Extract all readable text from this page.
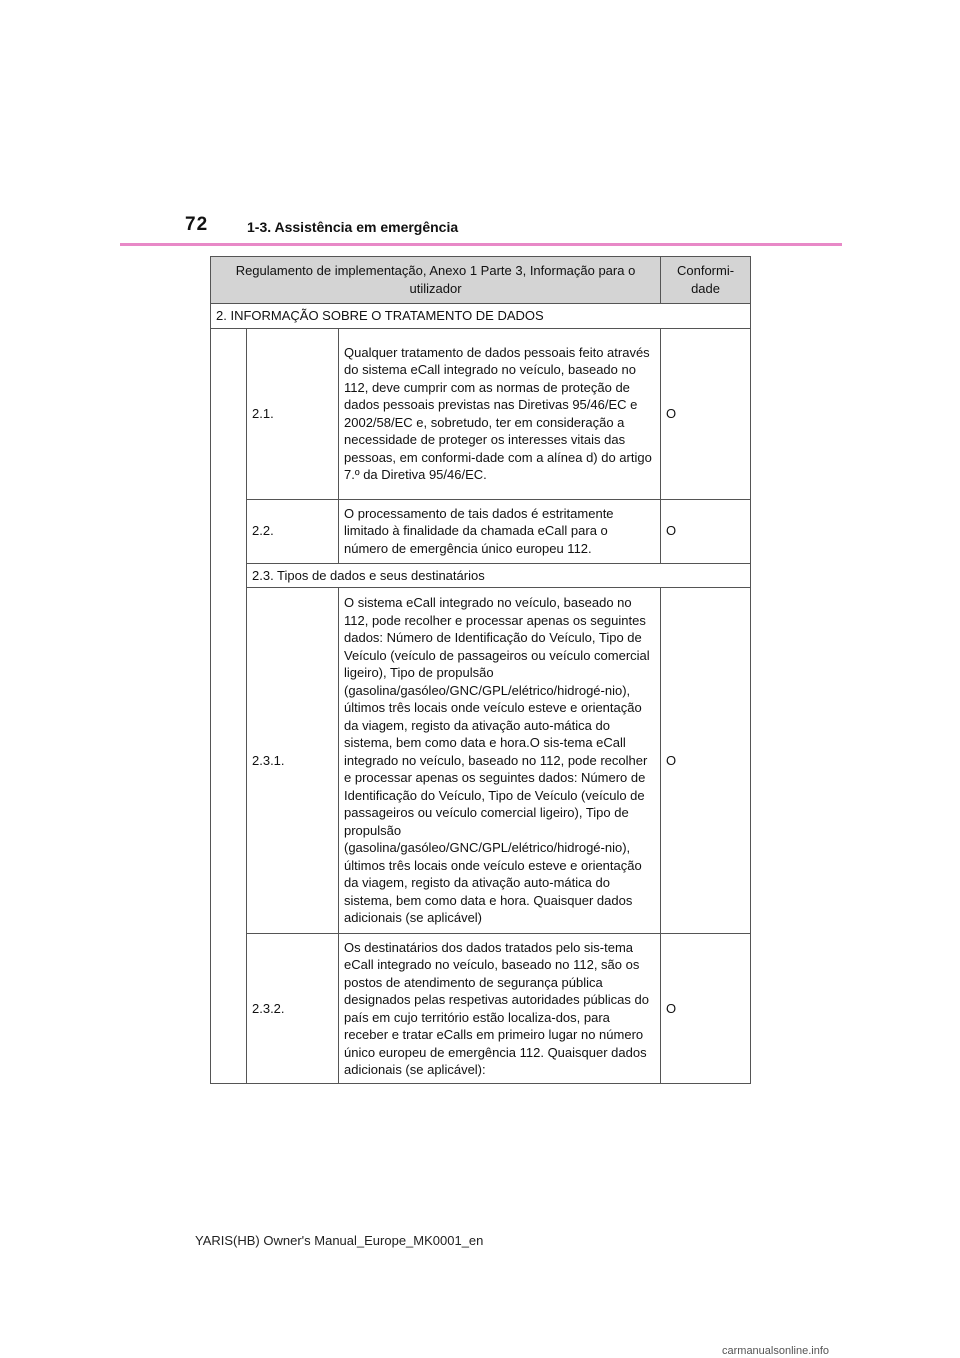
72	1-3. Assistência em emergência
Regulamento de implementação, Anexo 1 Parte 3, Informação para o utilizador			Conformi-dade
2. INFORMAÇÃO SOBRE O TRATAMENTO DE DADOS			
	2.1.	Qualquer tratamento de dados pessoais feito através do sistema eCall integrado no veículo, baseado no 112, deve cumprir com as normas de proteção de dados pessoais previstas nas Diretivas 95/46/EC e 2002/58/EC e, sobretudo, ter em consideração a necessidade de proteger os interesses vitais das pessoas, em conformi-dade com a alínea d) do artigo 7.º da Diretiva 95/46/EC.	O
	2.2.	O processamento de tais dados é estritamente limitado à finalidade da chamada eCall para o número de emergência único europeu 112.	O
	2.3. Tipos de dados e seus destinatários		
	2.3.1.	O sistema eCall integrado no veículo, baseado no 112, pode recolher e processar apenas os seguintes dados: Número de Identificação do Veículo, Tipo de Veículo (veículo de passageiros ou veículo comercial ligeiro), Tipo de propulsão (gasolina/gasóleo/GNC/GPL/elétrico/hidrogé-nio), últimos três locais onde veículo esteve e orientação da viagem, registo da ativação auto-mática do sistema, bem como data e hora.O sis-tema eCall integrado no veículo, baseado no 112, pode recolher e processar apenas os seguintes dados: Número de Identificação do Veículo, Tipo de Veículo (veículo de passageiros ou veículo comercial ligeiro), Tipo de propulsão (gasolina/gasóleo/GNC/GPL/elétrico/hidrogé-nio), últimos três locais onde veículo esteve e orientação da viagem, registo da ativação auto-mática do sistema, bem como data e hora. Quaisquer dados adicionais (se aplicável)	O
	2.3.2.	Os destinatários dos dados tratados pelo sis-tema eCall integrado no veículo, baseado no 112, são os postos de atendimento de segurança pública designados pelas respetivas autoridades públicas do país em cujo território estão localiza-dos, para receber e tratar eCalls em primeiro lugar no número único europeu de emergência 112. Quaisquer dados adicionais (se aplicável):	O
YARIS(HB) Owner's Manual_Europe_MK0001_en
carmanualsonline.info
